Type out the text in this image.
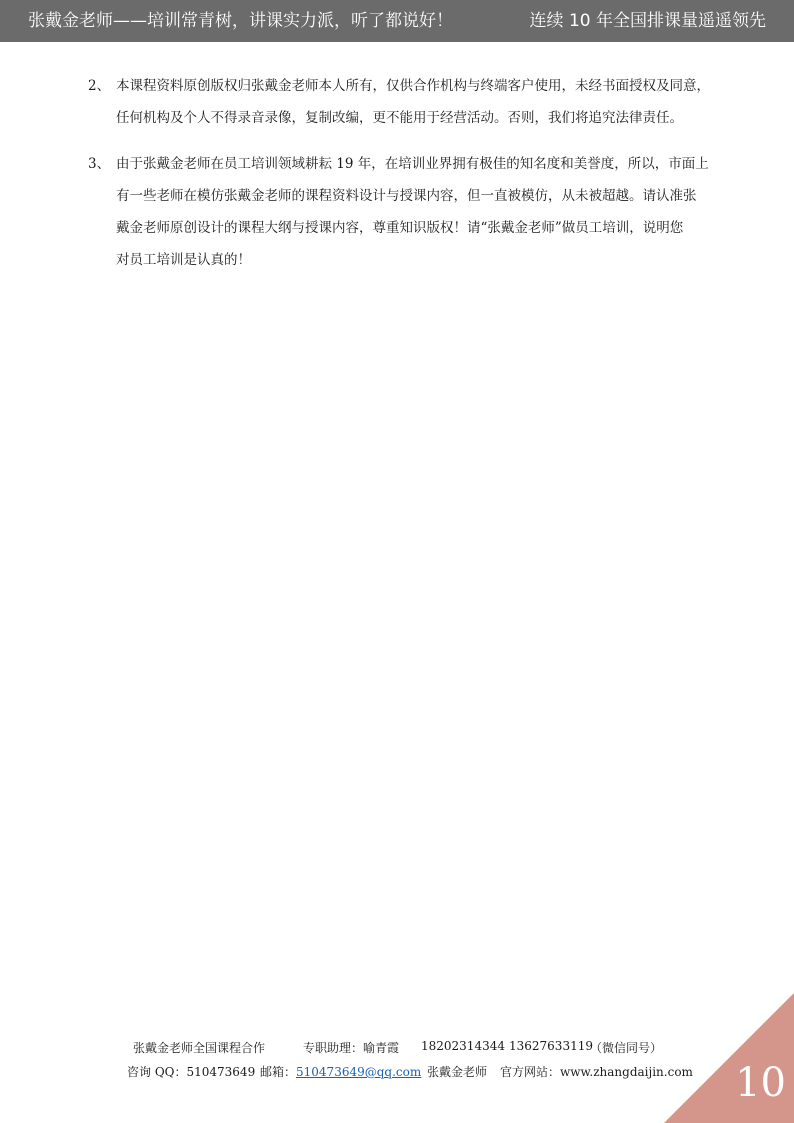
张戴金老师——培训常青树，讲课实力派，听了都说好！	连续 10 年全国排课量遥遥领先
2、 本课程资料原创版权归张戴金老师本人所有，仅供合作机构与终端客户使用，未经书面授权及同意，
任何机构及个人不得录音录像，复制改编，更不能用于经营活动。否则，我们将追究法律责任。
3、 由于张戴金老师在员工培训领域耕耘 19 年，在培训业界拥有极佳的知名度和美誉度，所以，市面上
有一些老师在模仿张戴金老师的课程资料设计与授课内容，但一直被模仿，从未被超越。请认准张
戴金老师原创设计的课程大纲与授课内容，尊重知识版权！请“张戴金老师”做员工培训，说明您
对员工培训是认真的！
张戴金老师全国课程合作	专职助理：喻青霞 18202314344 13627633119
（微信同号）
咨询 QQ：510473649 邮箱：510473649@qq.com 张戴金老师 官方网站：www.zhangdaijin.com 10
